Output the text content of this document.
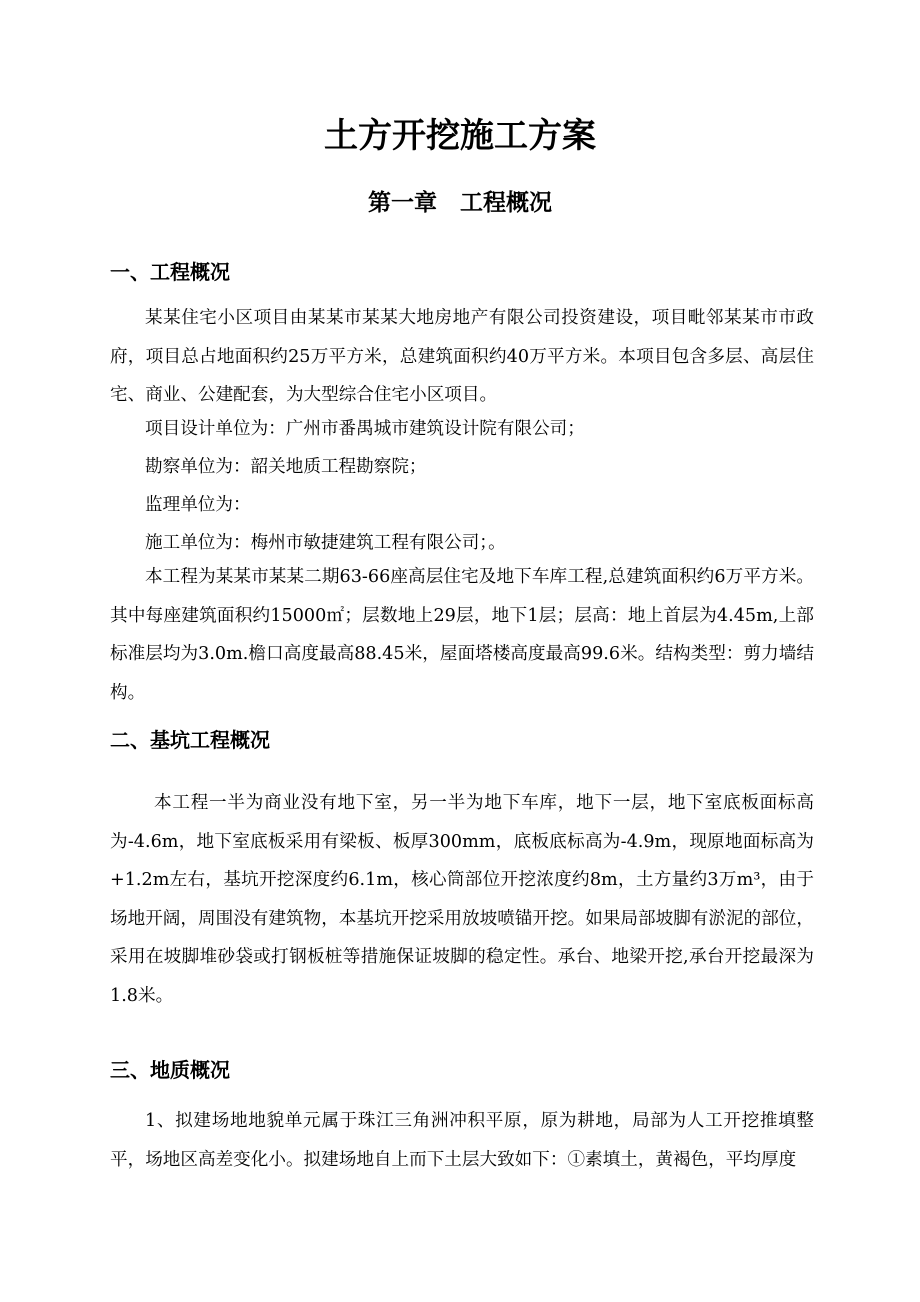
土方开挖施工方案
第一章　工程概况
一、工程概况

某某住宅小区项目由某某市某某大地房地产有限公司投资建设，项目毗邻某某市市政府，项目总占地面积约25万平方米，总建筑面积约40万平方米。本项目包含多层、高层住宅、商业、公建配套，为大型综合住宅小区项目。

项目设计单位为：广州市番禺城市建筑设计院有限公司；

勘察单位为：韶关地质工程勘察院；

监理单位为：

施工单位为：梅州市敏捷建筑工程有限公司；。

本工程为某某市某某二期63-66座高层住宅及地下车库工程,总建筑面积约6万平方米。其中每座建筑面积约15000㎡；层数地上29层，地下1层；层高：地上首层为4.45m,上部标准层均为3.0m.檐口高度最高88.45米，屋面塔楼高度最高99.6米。结构类型：剪力墙结构。

二、基坑工程概况

本工程一半为商业没有地下室，另一半为地下车库，地下一层，地下室底板面标高为-4.6m，地下室底板采用有梁板、板厚300mm，底板底标高为-4.9m，现原地面标高为+1.2m左右，基坑开挖深度约6.1m，核心筒部位开挖浓度约8m，土方量约3万m³，由于场地开阔，周围没有建筑物，本基坑开挖采用放坡喷锚开挖。如果局部坡脚有淤泥的部位，采用在坡脚堆砂袋或打钢板桩等措施保证坡脚的稳定性。承台、地梁开挖,承台开挖最深为1.8米。

三、地质概况

1、拟建场地地貌单元属于珠江三角洲冲积平原，原为耕地，局部为人工开挖推填整平，场地区高差变化小。拟建场地自上而下土层大致如下：①素填土，黄褐色，平均厚度
